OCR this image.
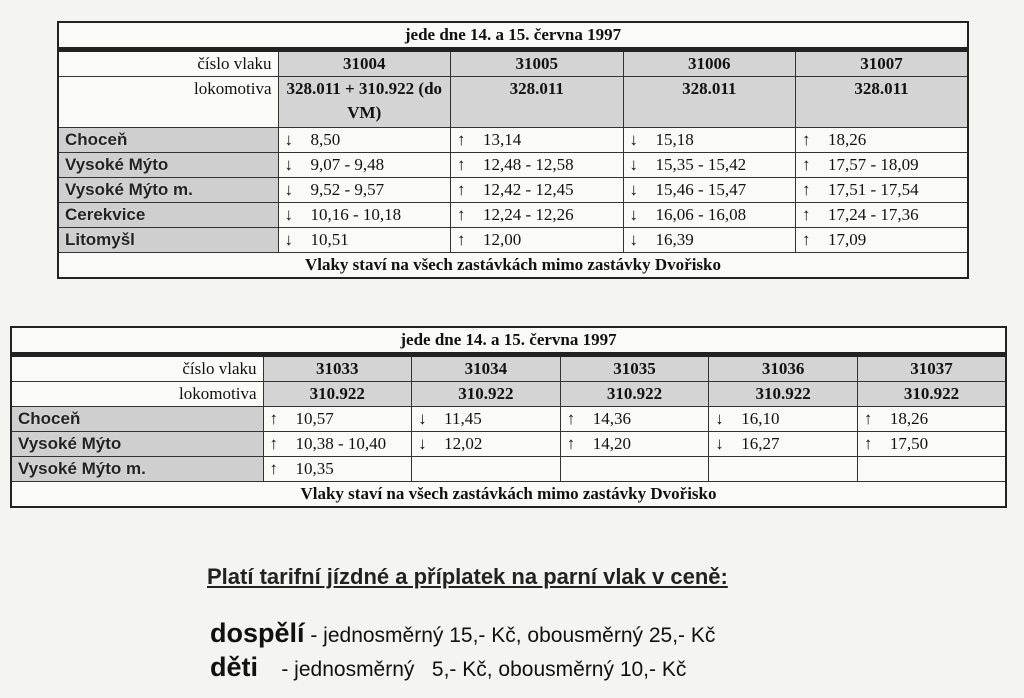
jede dne 14. a 15. června 1997				
číslo vlaku	31004	31005	31006	31007
lokomotiva	328.011 + 310.922 (do VM)	328.011	328.011	328.011
Choceň	↓ 8,50	↑ 13,14	↓ 15,18	↑ 18,26
Vysoké Mýto	↓ 9,07 - 9,48	↑ 12,48 - 12,58	↓ 15,35 - 15,42	↑ 17,57 - 18,09
Vysoké Mýto m.	↓ 9,52 - 9,57	↑ 12,42 - 12,45	↓ 15,46 - 15,47	↑ 17,51 - 17,54
Cerekvice	↓ 10,16 - 10,18	↑ 12,24 - 12,26	↓ 16,06 - 16,08	↑ 17,24 - 17,36
Litomyšl	↓ 10,51	↑ 12,00	↓ 16,39	↑ 17,09
Vlaky staví na všech zastávkách mimo zastávky Dvořisko				
jede dne 14. a 15. června 1997					
číslo vlaku	31033	31034	31035	31036	31037
lokomotiva	310.922	310.922	310.922	310.922	310.922
Choceň	↑ 10,57	↓ 11,45	↑ 14,36	↓ 16,10	↑ 18,26
Vysoké Mýto	↑ 10,38 - 10,40	↓ 12,02	↑ 14,20	↓ 16,27	↑ 17,50
Vysoké Mýto m.	↑ 10,35				
Vlaky staví na všech zastávkách mimo zastávky Dvořisko					
Platí tarifní jízdné a příplatek na parní vlak v ceně:
dospělí - jednosměrný 15,- Kč, obousměrný 25,- Kč
děti    - jednosměrný   5,- Kč, obousměrný 10,- Kč
